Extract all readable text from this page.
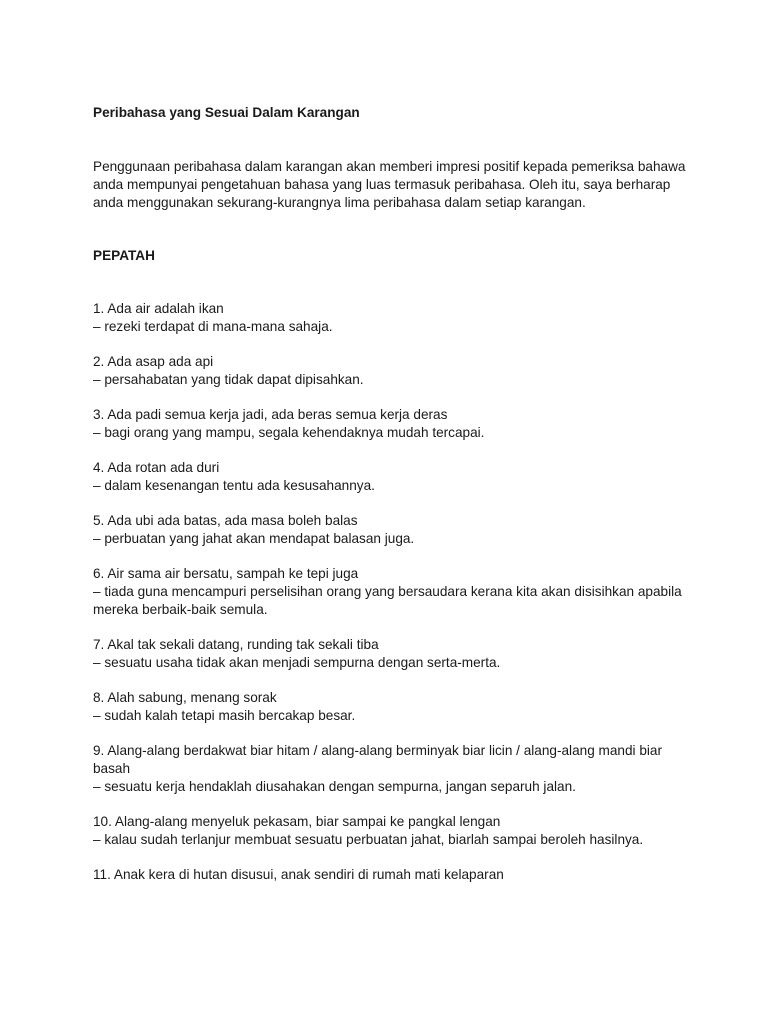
Peribahasa yang Sesuai Dalam Karangan

Penggunaan peribahasa dalam karangan akan memberi impresi positif kepada pemeriksa bahawa anda mempunyai pengetahuan bahasa yang luas termasuk peribahasa. Oleh itu, saya berharap anda menggunakan sekurang-kurangnya lima peribahasa dalam setiap karangan.

PEPATAH

1. Ada air adalah ikan

– rezeki terdapat di mana-mana sahaja.

2. Ada asap ada api

– persahabatan yang tidak dapat dipisahkan.

3. Ada padi semua kerja jadi, ada beras semua kerja deras

– bagi orang yang mampu, segala kehendaknya mudah tercapai.

4. Ada rotan ada duri

– dalam kesenangan tentu ada kesusahannya.

5. Ada ubi ada batas, ada masa boleh balas

– perbuatan yang jahat akan mendapat balasan juga.

6. Air sama air bersatu, sampah ke tepi juga

– tiada guna mencampuri perselisihan orang yang bersaudara kerana kita akan disisihkan apabila mereka berbaik-baik semula.

7. Akal tak sekali datang, runding tak sekali tiba

– sesuatu usaha tidak akan menjadi sempurna dengan serta-merta.

8. Alah sabung, menang sorak

– sudah kalah tetapi masih bercakap besar.

9. Alang-alang berdakwat biar hitam / alang-alang berminyak biar licin / alang-alang mandi biar basah

– sesuatu kerja hendaklah diusahakan dengan sempurna, jangan separuh jalan.

10. Alang-alang menyeluk pekasam, biar sampai ke pangkal lengan

– kalau sudah terlanjur membuat sesuatu perbuatan jahat, biarlah sampai beroleh hasilnya.

11. Anak kera di hutan disusui, anak sendiri di rumah mati kelaparan
